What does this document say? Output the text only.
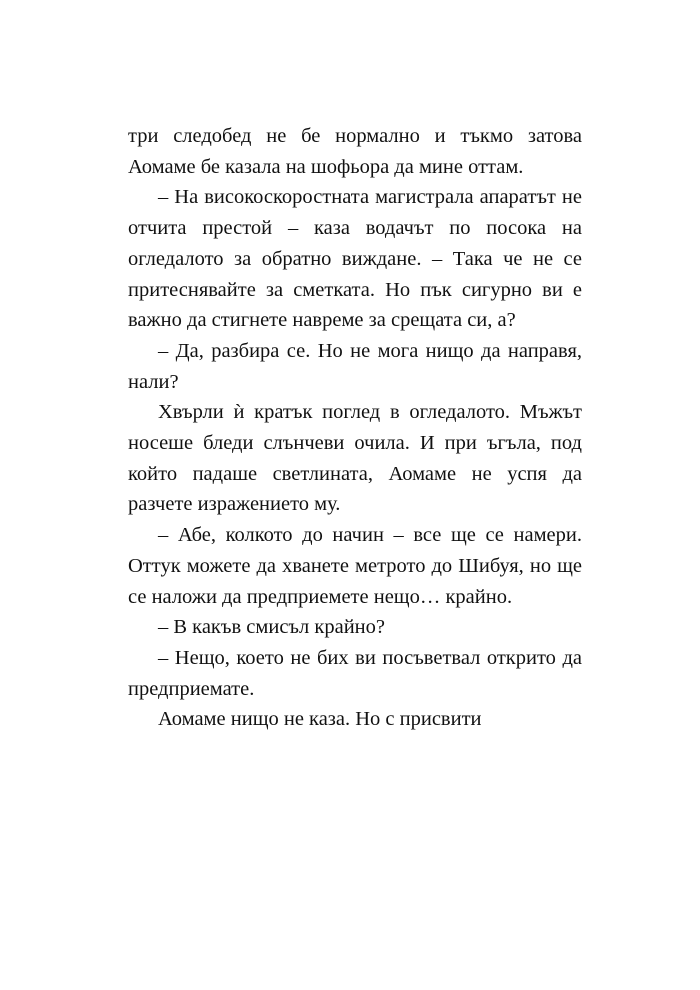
три следобед не бе нормално и тъкмо затова Аомаме бе казала на шофьора да мине оттам.

– На високоскоростната магистрала апаратът не отчита престой – каза водачът по посока на огледалото за обратно виждане. – Така че не се притеснявайте за сметката. Но пък сигурно ви е важно да стигнете навреме за срещата си, а?

– Да, разбира се. Но не мога нищо да направя, нали?

Хвърли ѝ кратък поглед в огледалото. Мъжът носеше бледи слънчеви очила. И при ъгъла, под който падаше светлината, Аомаме не успя да разчете изражението му.

– Абе, колкото до начин – все ще се намери. Оттук можете да хванете метрото до Шибуя, но ще се наложи да предприемете нещо… крайно.

– В какъв смисъл крайно?

– Нещо, което не бих ви посъветвал открито да предприемате.

Аомаме нищо не каза. Но с присвити
